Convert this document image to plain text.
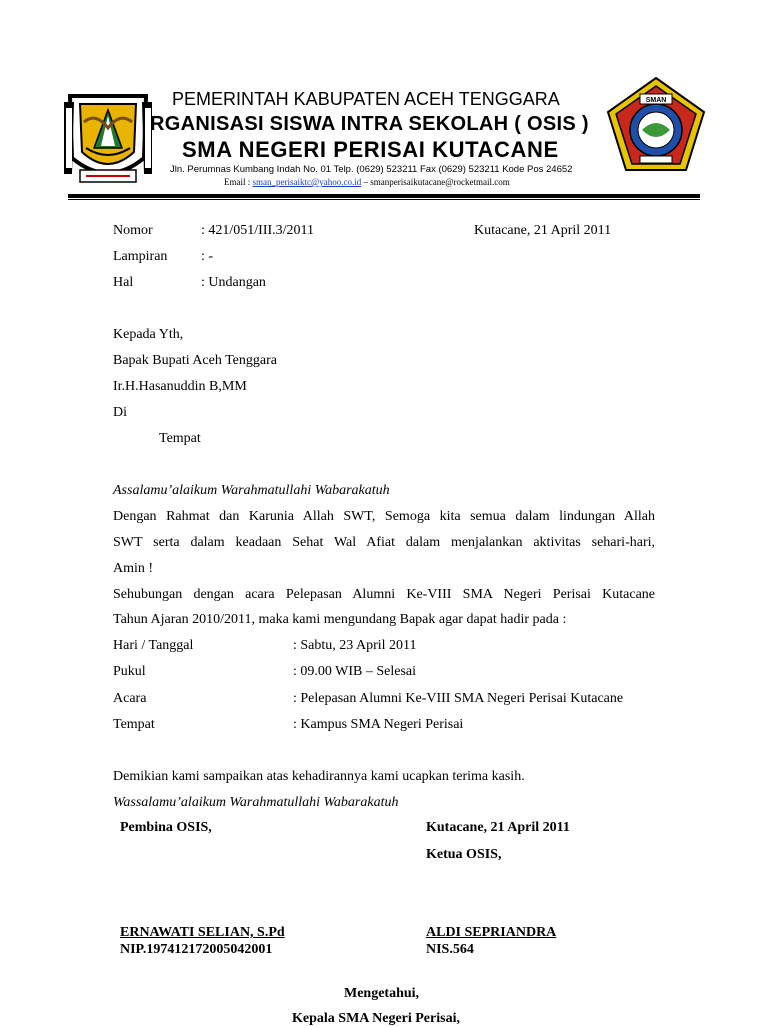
SMAN
PEMERINTAH KABUPATEN ACEH TENGGARA
RGANISASI SISWA INTRA SEKOLAH ( OSIS )
SMA NEGERI PERISAI KUTACANE
Jln. Perumnas Kumbang Indah No. 01 Telp. (0629) 523211 Fax (0629) 523211 Kode Pos 24652
Email : sman_perisaiktc@yahoo.co.id – smanperisaikutacane@rocketmail.com
Nomor	: 421/051/III.3/2011	Kutacane, 21 April 2011
Lampiran : -
Hal	: Undangan
Kepada Yth,
Bapak Bupati Aceh Tenggara
Ir.H.Hasanuddin B,MM
Di
Tempat
Assalamu’alaikum Warahmatullahi Wabarakatuh
Dengan Rahmat dan Karunia Allah SWT, Semoga kita semua dalam lindungan Allah
SWT serta dalam keadaan Sehat Wal Afiat dalam menjalankan aktivitas sehari-hari,
Amin !
Sehubungan dengan acara Pelepasan Alumni Ke-VIII SMA Negeri Perisai Kutacane
Tahun Ajaran 2010/2011, maka kami mengundang Bapak agar dapat hadir pada :
Hari / Tanggal	: Sabtu, 23 April 2011
Pukul	: 09.00 WIB – Selesai
Acara	: Pelepasan Alumni Ke-VIII SMA Negeri Perisai Kutacane
Tempat	: Kampus SMA Negeri Perisai
Demikian kami sampaikan atas kehadirannya kami ucapkan terima kasih.
Wassalamu’alaikum Warahmatullahi Wabarakatuh
Pembina OSIS,	Kutacane, 21 April 2011
Ketua OSIS,
ERNAWATI SELIAN, S.Pd
NIP.197412172005042001
ALDI SEPRIANDRA
NIS.564
Mengetahui,
Kepala SMA Negeri Perisai,
